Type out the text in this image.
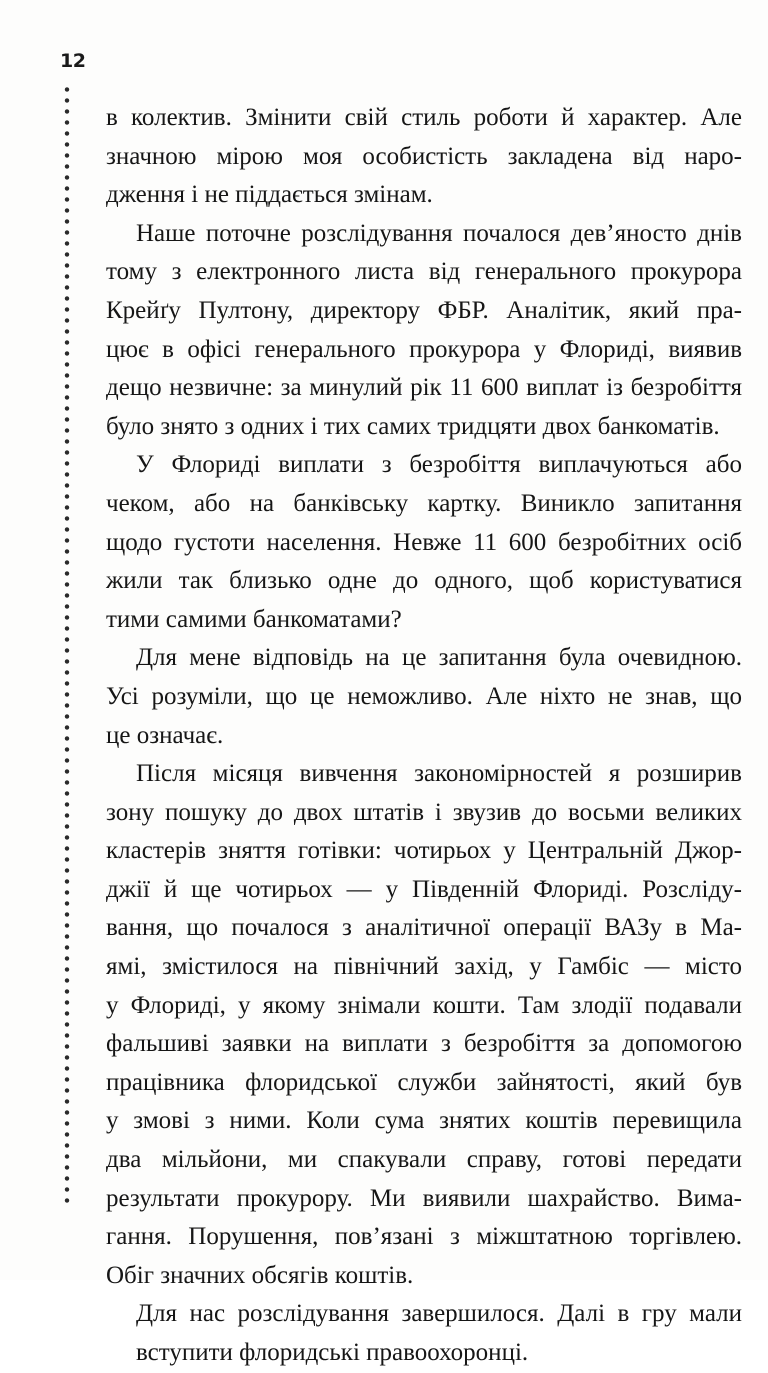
12
в колектив. Змінити свій стиль роботи й характер. Але
значною мірою моя особистість закладена від наро-
дження і не піддається змінам.
Наше поточне розслідування почалося дев’яносто днів
тому з електронного листа від генерального прокурора
Крейґу Пултону, директору ФБР. Аналітик, який пра-
цює в офісі генерального прокурора у Флориді, виявив
дещо незвичне: за минулий рік 11 600 виплат із безробіття
було знято з одних і тих самих тридцяти двох банкоматів.
У Флориді виплати з безробіття виплачуються або
чеком, або на банківську картку. Виникло запитання
щодо густоти населення. Невже 11 600 безробітних осіб
жили так близько одне до одного, щоб користуватися
тими самими банкоматами?
Для мене відповідь на це запитання була очевидною.
Усі розуміли, що це неможливо. Але ніхто не знав, що
це означає.
Після місяця вивчення закономірностей я розширив
зону пошуку до двох штатів і звузив до восьми великих
кластерів зняття готівки: чотирьох у Центральній Джор-
джії й ще чотирьох — у Південній Флориді. Розсліду-
вання, що почалося з аналітичної операції ВАЗу в Ма-
ямі, змістилося на північний захід, у Гамбіс — місто
у Флориді, у якому знімали кошти. Там злодії подавали
фальшиві заявки на виплати з безробіття за допомогою
працівника флоридської служби зайнятості, який був
у змові з ними. Коли сума знятих коштів перевищила
два мільйони, ми спакували справу, готові передати
результати прокурору. Ми виявили шахрайство. Вима-
гання. Порушення, пов’язані з міжштатною торгівлею.
Обіг значних обсягів коштів.
Для нас розслідування завершилося. Далі в гру мали
вступити флоридські правоохоронці.
